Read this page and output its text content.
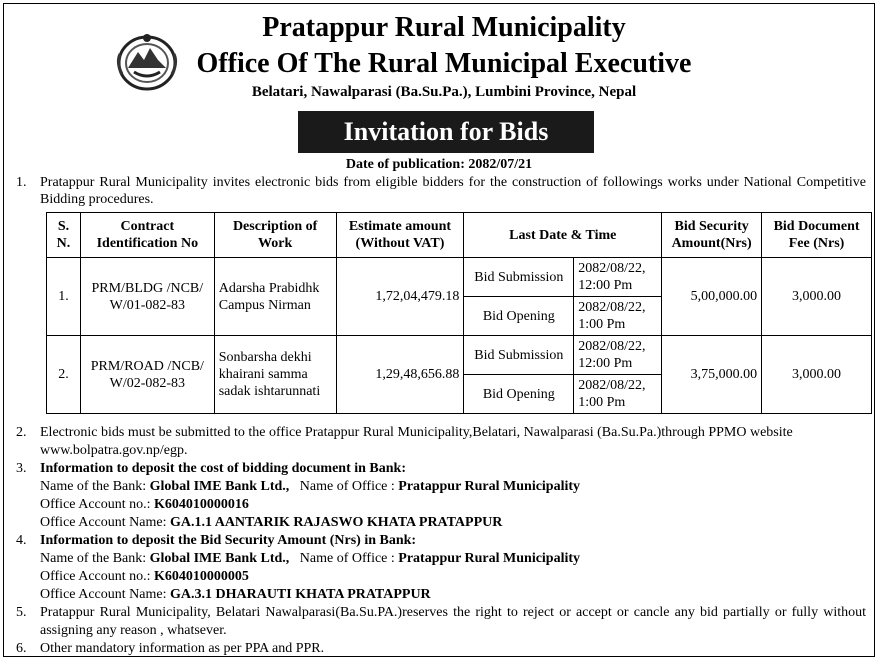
Pratappur Rural Municipality
Office Of The Rural Municipal Executive
Belatari, Nawalparasi (Ba.Su.Pa.), Lumbini Province, Nepal
Invitation for Bids
Date of publication: 2082/07/21
1. Pratappur Rural Municipality invites electronic bids from eligible bidders for the construction of followings works under National Competitive Bidding procedures.
S. N.	Contract Identification No	Description of Work	Estimate amount (Without VAT)	Last Date & Time		Bid Security Amount(Nrs)	Bid Document Fee (Nrs)
1.	PRM/BLDG /NCB/ W/01-082-83	Adarsha Prabidhk Campus Nirman	1,72,04,479.18	Bid Submission	2082/08/22, 12:00 Pm	5,00,000.00	3,000.00
				Bid Opening	2082/08/22, 1:00 Pm		
2.	PRM/ROAD /NCB/ W/02-082-83	Sonbarsha dekhi khairani samma sadak ishtarunnati	1,29,48,656.88	Bid Submission	2082/08/22, 12:00 Pm	3,75,000.00	3,000.00
				Bid Opening	2082/08/22, 1:00 Pm		
2. Electronic bids must be submitted to the office Pratappur Rural Municipality,Belatari, Nawalparasi (Ba.Su.Pa.)through PPMO website
www.bolpatra.gov.np/egp.
3. Information to deposit the cost of bidding document in Bank:
Name of the Bank: Global IME Bank Ltd., Name of Office : Pratappur Rural Municipality
Office Account no.: K604010000016
Office Account Name: GA.1.1 AANTARIK RAJASWO KHATA PRATAPPUR
4. Information to deposit the Bid Security Amount (Nrs) in Bank:
Name of the Bank: Global IME Bank Ltd., Name of Office : Pratappur Rural Municipality
Office Account no.: K604010000005
Office Account Name: GA.3.1 DHARAUTI KHATA PRATAPPUR
5. Pratappur Rural Municipality, Belatari Nawalparasi(Ba.Su.PA.)reserves the right to reject or accept or cancle any bid partially or fully without assigning any reason , whatsever.
6. Other mandatory information as per PPA and PPR.
